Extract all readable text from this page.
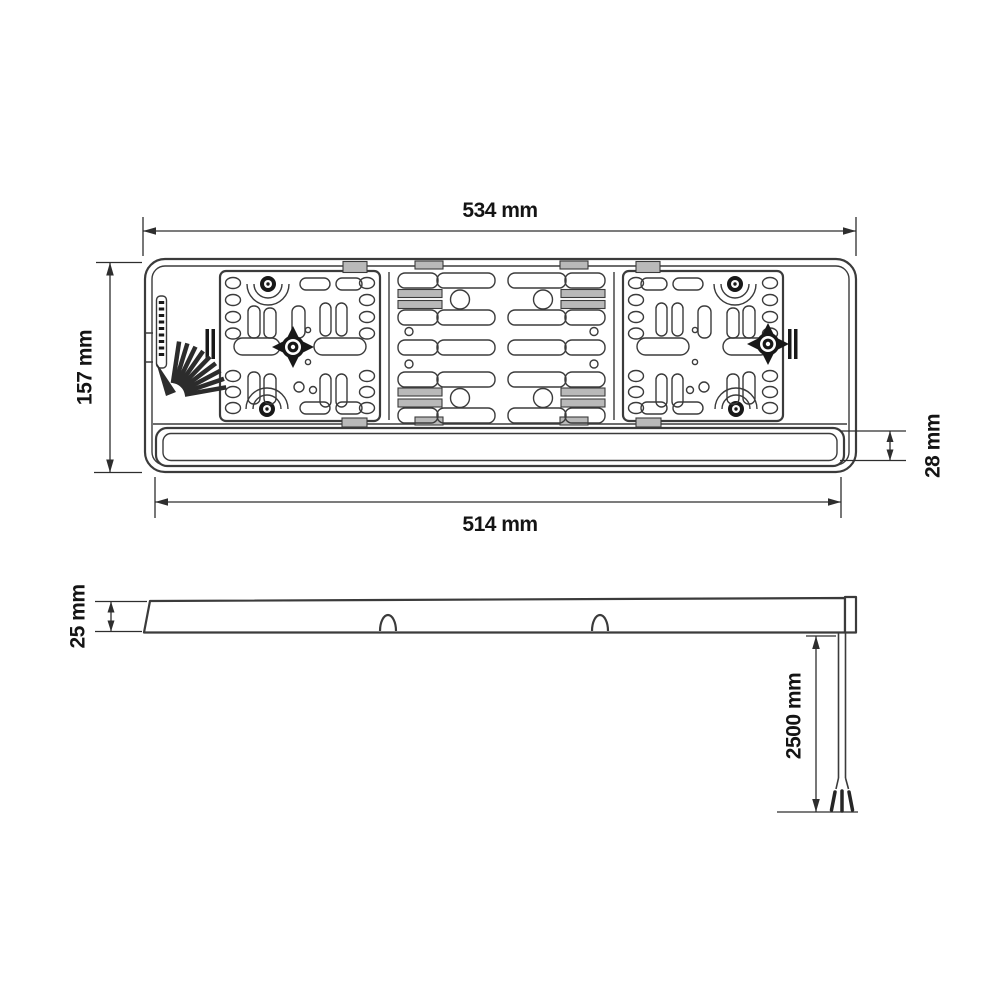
534 mm
157 mm
28 mm
514 mm
25 mm
2500 mm
